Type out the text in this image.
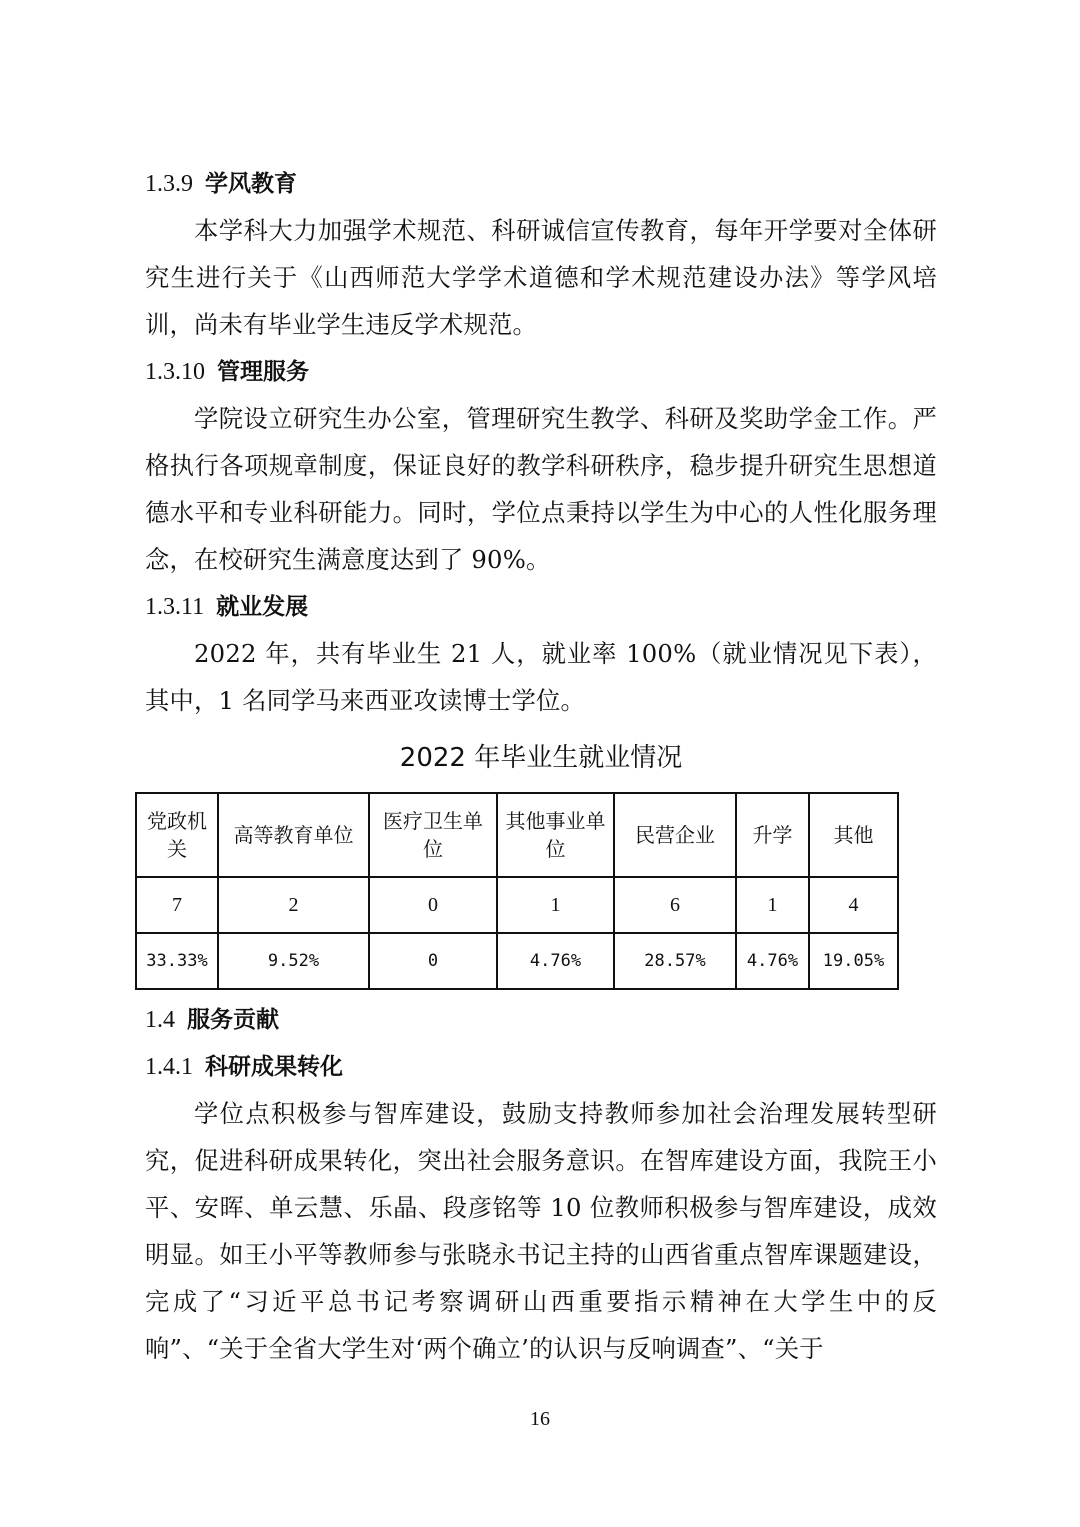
1.3.9 学风教育

本学科大力加强学术规范、科研诚信宣传教育，每年开学要对全体研究生进行关于《山西师范大学学术道德和学术规范建设办法》等学风培训，尚未有毕业学生违反学术规范。

1.3.10 管理服务

学院设立研究生办公室，管理研究生教学、科研及奖助学金工作。严格执行各项规章制度，保证良好的教学科研秩序，稳步提升研究生思想道德水平和专业科研能力。同时，学位点秉持以学生为中心的人性化服务理念，在校研究生满意度达到了 90%。

1.3.11 就业发展

2022 年，共有毕业生 21 人，就业率 100%（就业情况见下表），其中，1 名同学马来西亚攻读博士学位。

2022 年毕业生就业情况
党政机关	高等教育单位	医疗卫生单位	其他事业单位	民营企业	升学	其他
7	2	0	1	6	1	4
33.33%	9.52%	0	4.76%	28.57%	4.76%	19.05%
1.4 服务贡献
1.4.1 科研成果转化

学位点积极参与智库建设，鼓励支持教师参加社会治理发展转型研究，促进科研成果转化，突出社会服务意识。在智库建设方面，我院王小平、安晖、单云慧、乐晶、段彦铭等 10 位教师积极参与智库建设，成效明显。如王小平等教师参与张晓永书记主持的山西省重点智库课题建设，完成了“习近平总书记考察调研山西重要指示精神在大学生中的反响”、“关于全省大学生对‘两个确立’的认识与反响调查”、“关于

16
